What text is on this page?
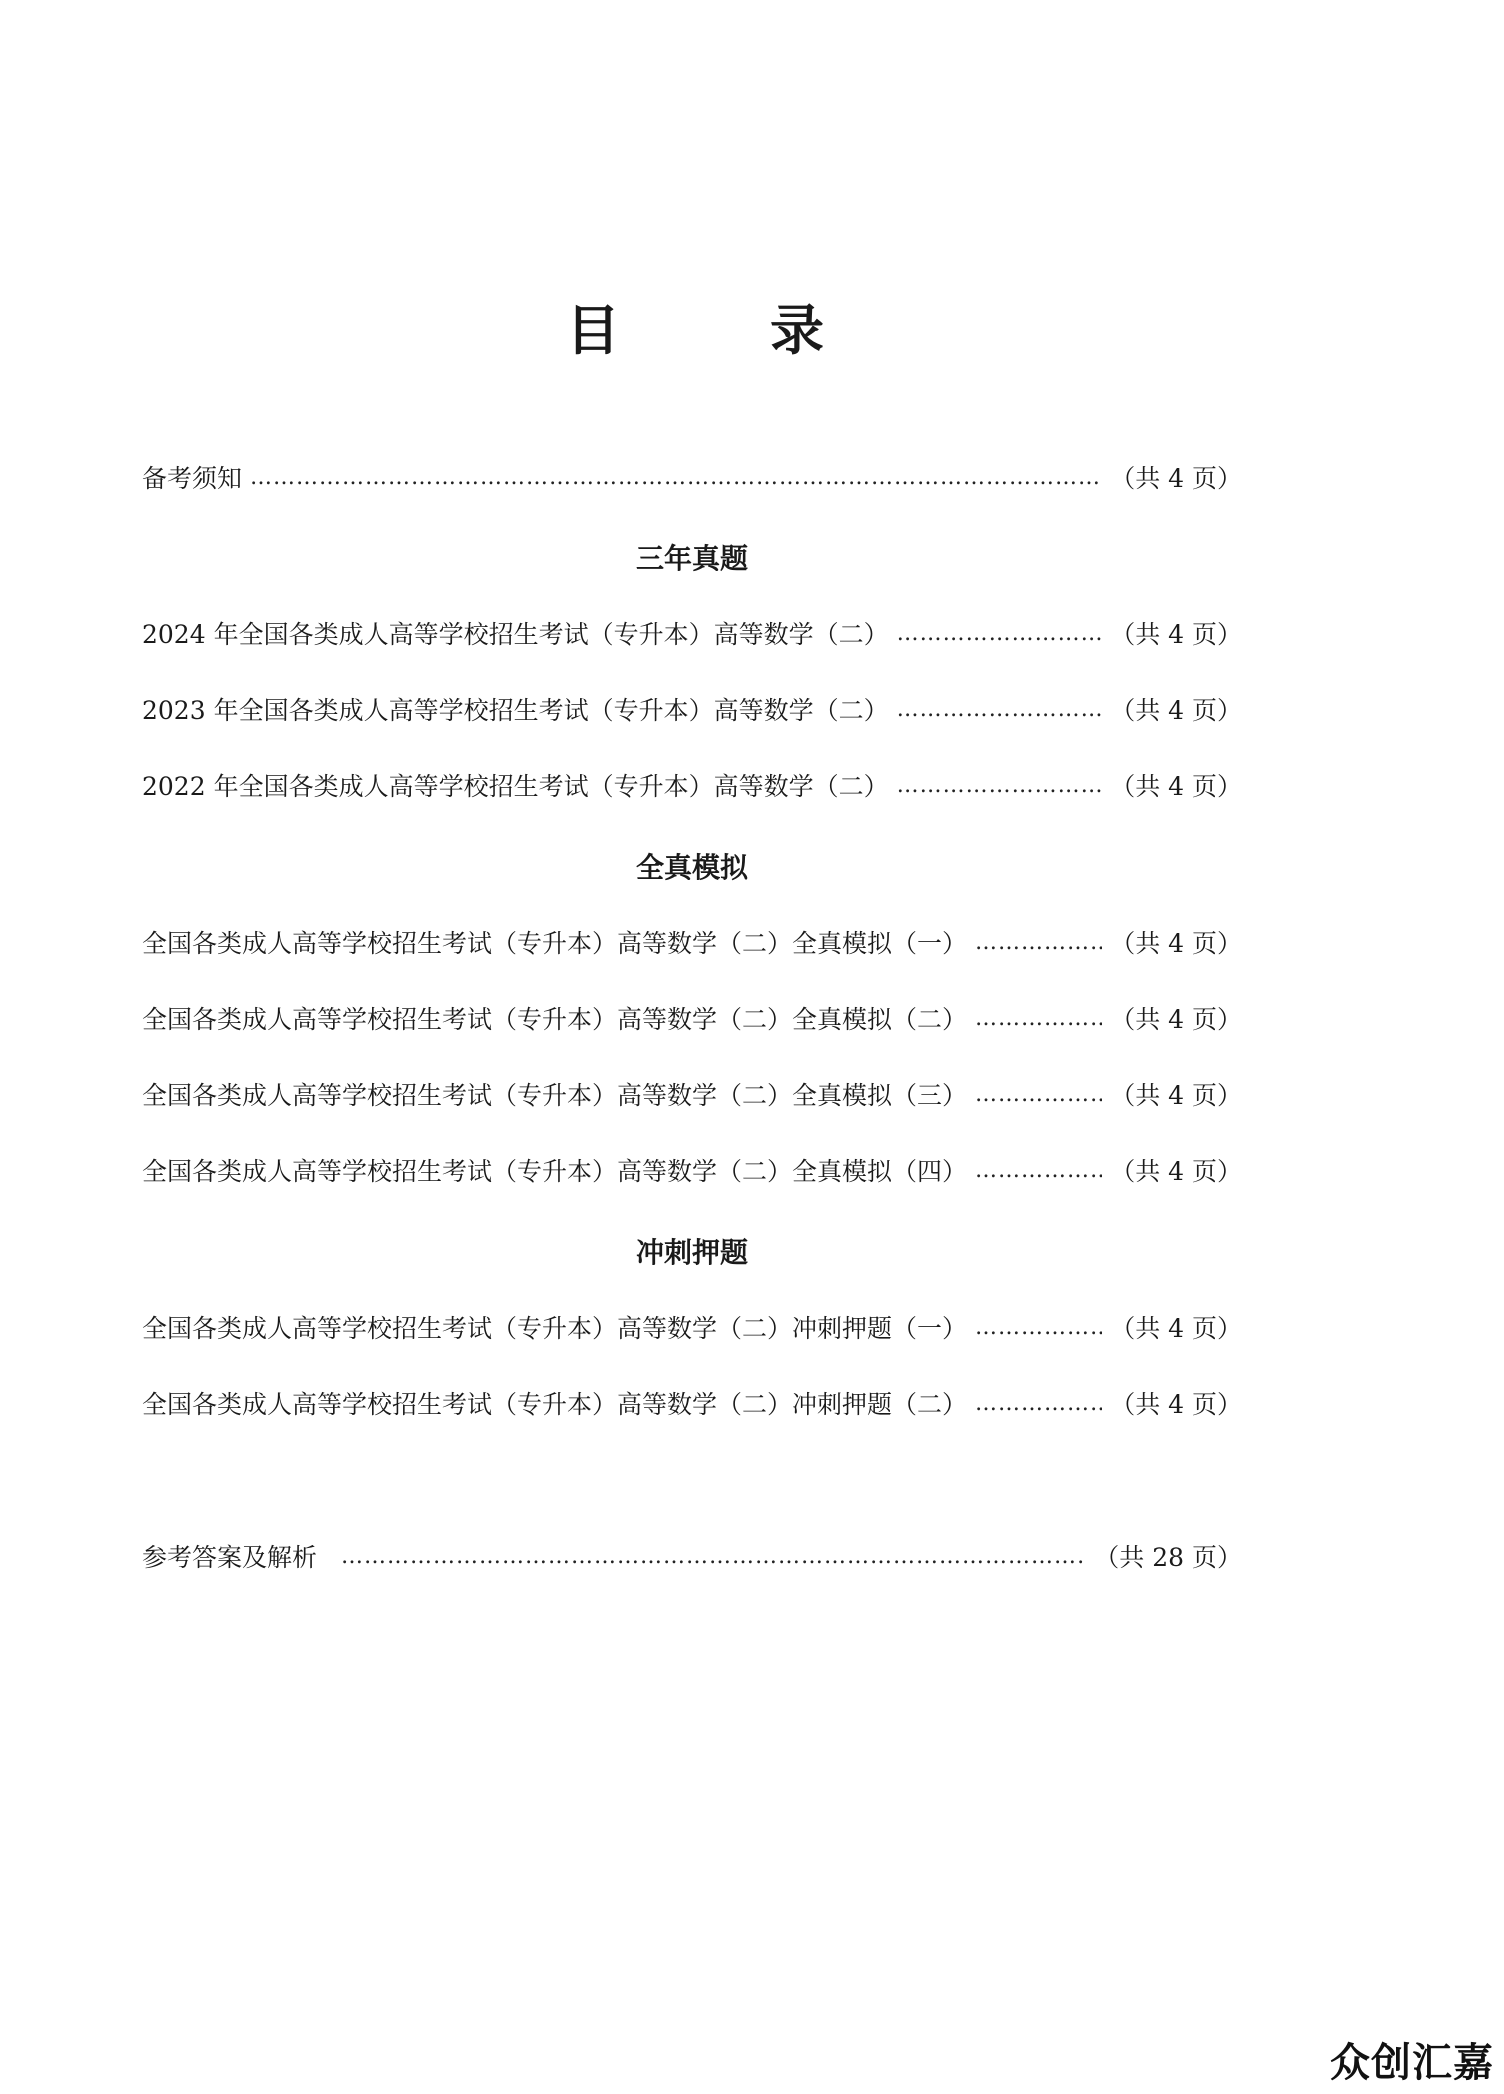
目	录
备考须知 ……………………………………………………………………………………………………………………………………………………………………………………………	（共 4 页）
三年真题
2024 年全国各类成人高等学校招生考试（专升本）高等数学（二） ……………………………………………………………………………………………………………………………………………………………………………………………	（共 4 页）
2023 年全国各类成人高等学校招生考试（专升本）高等数学（二） ……………………………………………………………………………………………………………………………………………………………………………………………	（共 4 页）
2022 年全国各类成人高等学校招生考试（专升本）高等数学（二） ……………………………………………………………………………………………………………………………………………………………………………………………	（共 4 页）
全真模拟
全国各类成人高等学校招生考试（专升本）高等数学（二）全真模拟（一） ……………………………………………………………………………………………………………………………………………………………………………………………	（共 4 页）
全国各类成人高等学校招生考试（专升本）高等数学（二）全真模拟（二） ……………………………………………………………………………………………………………………………………………………………………………………………	（共 4 页）
全国各类成人高等学校招生考试（专升本）高等数学（二）全真模拟（三） ……………………………………………………………………………………………………………………………………………………………………………………………	（共 4 页）
全国各类成人高等学校招生考试（专升本）高等数学（二）全真模拟（四） ……………………………………………………………………………………………………………………………………………………………………………………………	（共 4 页）
冲刺押题
全国各类成人高等学校招生考试（专升本）高等数学（二）冲刺押题（一） ……………………………………………………………………………………………………………………………………………………………………………………………	（共 4 页）
全国各类成人高等学校招生考试（专升本）高等数学（二）冲刺押题（二） ……………………………………………………………………………………………………………………………………………………………………………………………	（共 4 页）
参考答案及解析 ……………………………………………………………………………………………………………………………………………………………………………………………	（共 28 页）
众创汇嘉
